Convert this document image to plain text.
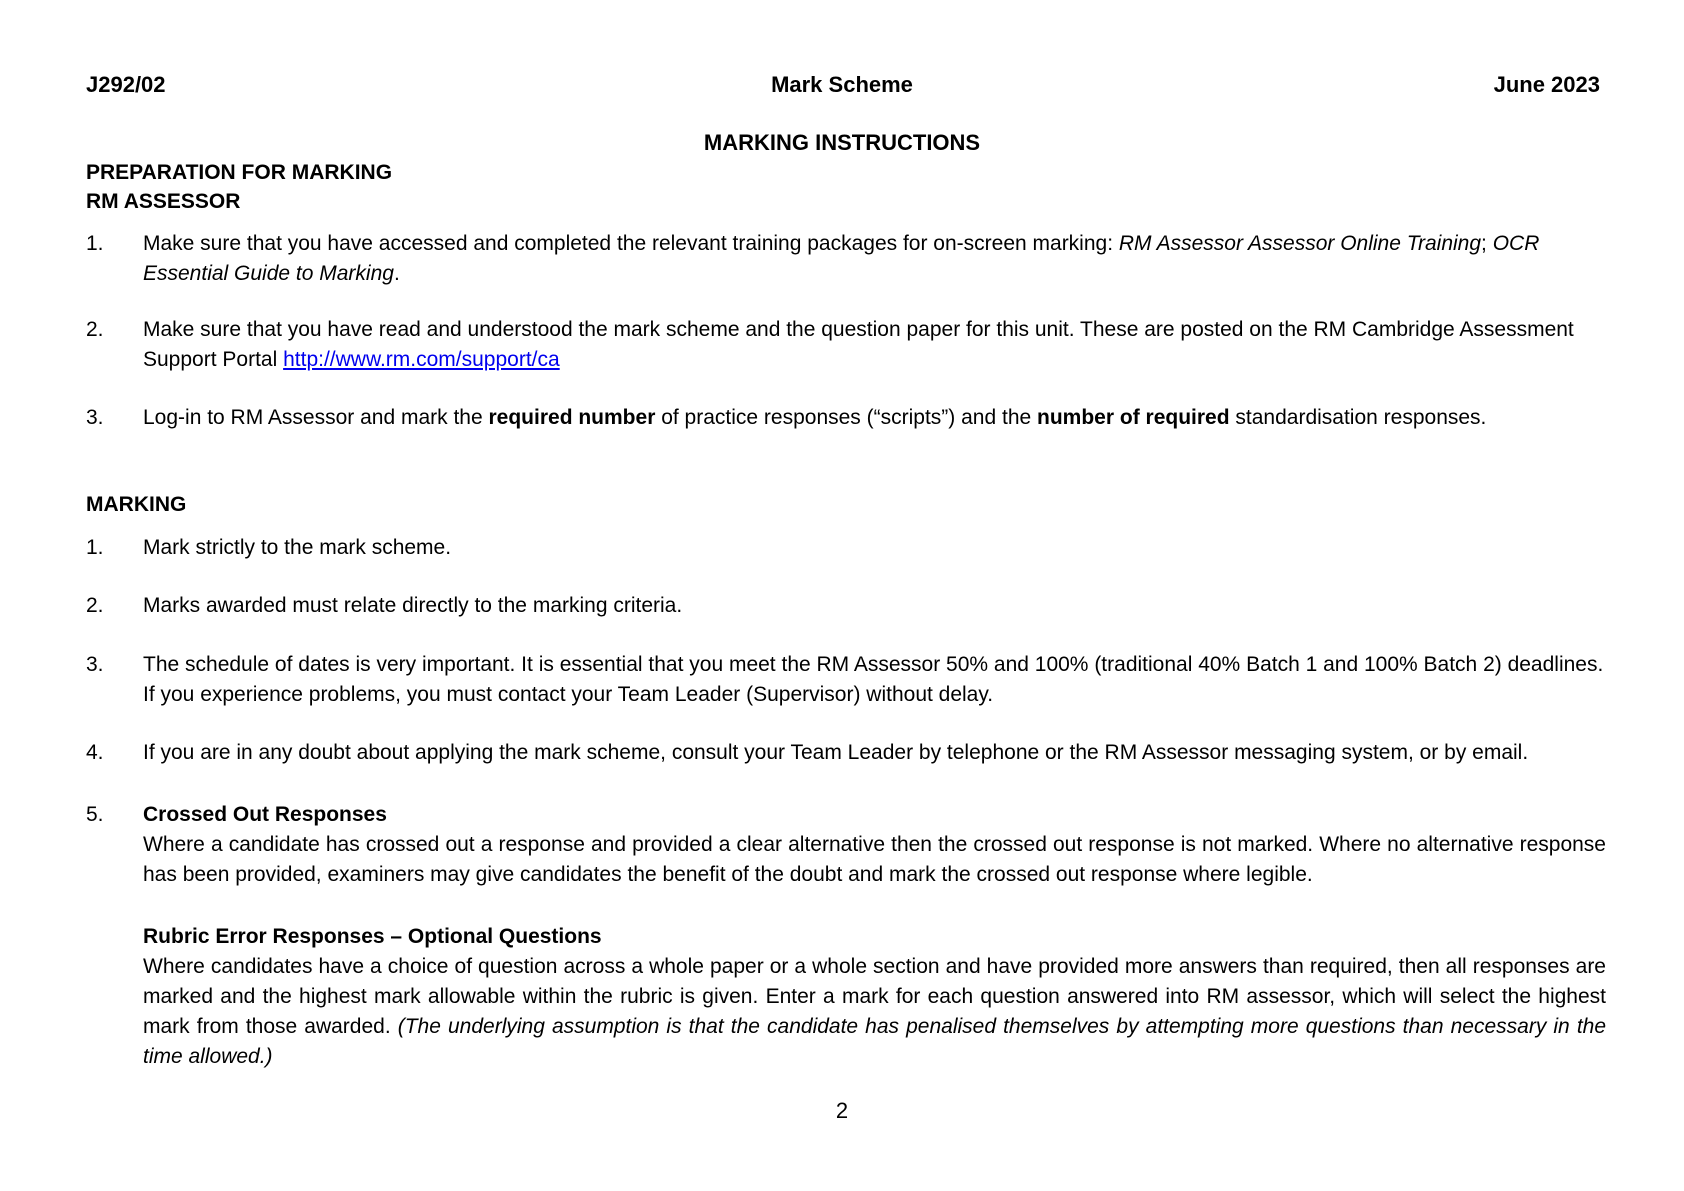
J292/02	Mark Scheme	June 2023
MARKING INSTRUCTIONS
PREPARATION FOR MARKING
RM ASSESSOR
1. Make sure that you have accessed and completed the relevant training packages for on-screen marking: RM Assessor Assessor Online Training; OCR Essential Guide to Marking.
2. Make sure that you have read and understood the mark scheme and the question paper for this unit. These are posted on the RM Cambridge Assessment Support Portal http://www.rm.com/support/ca
3. Log-in to RM Assessor and mark the required number of practice responses (“scripts”) and the number of required standardisation responses.
MARKING
1. Mark strictly to the mark scheme.
2. Marks awarded must relate directly to the marking criteria.
3. The schedule of dates is very important. It is essential that you meet the RM Assessor 50% and 100% (traditional 40% Batch 1 and 100% Batch 2) deadlines. If you experience problems, you must contact your Team Leader (Supervisor) without delay.
4. If you are in any doubt about applying the mark scheme, consult your Team Leader by telephone or the RM Assessor messaging system, or by email.
5. Crossed Out Responses
Where a candidate has crossed out a response and provided a clear alternative then the crossed out response is not marked. Where no alternative response has been provided, examiners may give candidates the benefit of the doubt and mark the crossed out response where legible.
Rubric Error Responses – Optional Questions
Where candidates have a choice of question across a whole paper or a whole section and have provided more answers than required, then all responses are marked and the highest mark allowable within the rubric is given. Enter a mark for each question answered into RM assessor, which will select the highest mark from those awarded. (The underlying assumption is that the candidate has penalised themselves by attempting more questions than necessary in the time allowed.)
2
